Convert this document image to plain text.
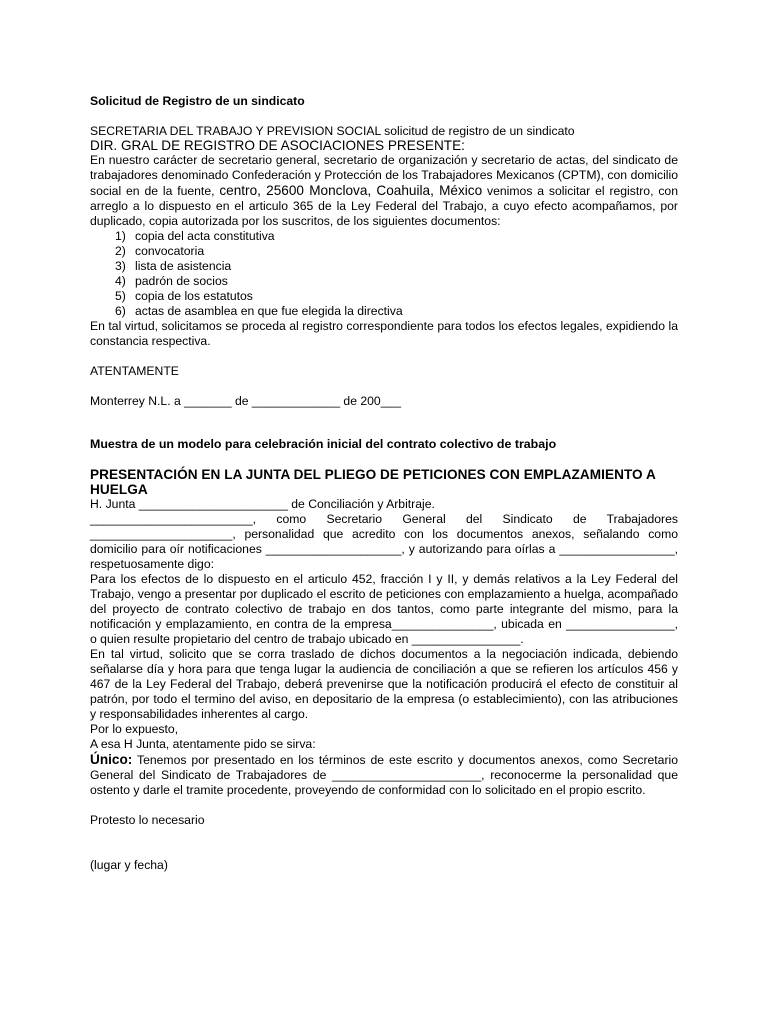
Solicitud de Registro de un sindicato

SECRETARIA DEL TRABAJO Y PREVISION SOCIAL solicitud de registro de un sindicato

DIR. GRAL DE REGISTRO DE ASOCIACIONES PRESENTE:

En nuestro carácter de secretario general, secretario de organización y secretario de actas, del sindicato de trabajadores denominado Confederación y Protección de los Trabajadores Mexicanos (CPTM), con domicilio social en de la fuente, centro, 25600 Monclova, Coahuila, México venimos a solicitar el registro, con arreglo a lo dispuesto en el articulo 365 de la Ley Federal del Trabajo, a cuyo efecto acompañamos, por duplicado, copia autorizada por los suscritos, de los siguientes documentos:

1) copia del acta constitutiva
2) convocatoria
3) lista de asistencia
4) padrón de socios
5) copia de los estatutos
6) actas de asamblea en que fue elegida la directiva

En tal virtud, solicitamos se proceda al registro correspondiente para todos los efectos legales, expidiendo la constancia respectiva.

ATENTAMENTE

Monterrey N.L. a _______ de _____________ de 200___

Muestra de un modelo para celebración inicial del contrato colectivo de trabajo

PRESENTACIÓN EN LA JUNTA DEL PLIEGO DE PETICIONES CON EMPLAZAMIENTO A HUELGA

H. Junta ______________________ de Conciliación y Arbitraje.

________________________, como Secretario General del Sindicato de Trabajadores _____________________, personalidad que acredito con los documentos anexos, señalando como domicilio para oír notificaciones ____________________, y autorizando para oírlas a _________________, respetuosamente digo:

Para los efectos de lo dispuesto en el articulo 452, fracción I y II, y demás relativos a la Ley Federal del Trabajo, vengo a presentar por duplicado el escrito de peticiones con emplazamiento a huelga, acompañado del proyecto de contrato colectivo de trabajo en dos tantos, como parte integrante del mismo, para la notificación y emplazamiento, en contra de la empresa_______________, ubicada en ________________, o quien resulte propietario del centro de trabajo ubicado en ________________.

En tal virtud, solicito que se corra traslado de dichos documentos a la negociación indicada, debiendo señalarse día y hora para que tenga lugar la audiencia de conciliación a que se refieren los artículos 456 y 467 de la Ley Federal del Trabajo, deberá prevenirse que la notificación producirá el efecto de constituir al patrón, por todo el termino del aviso, en depositario de la empresa (o establecimiento), con las atribuciones y responsabilidades inherentes al cargo.

Por lo expuesto,

A esa H Junta, atentamente pido se sirva:

Único: Tenemos por presentado en los términos de este escrito y documentos anexos, como Secretario General del Sindicato de Trabajadores de ______________________, reconocerme la personalidad que ostento y darle el tramite procedente, proveyendo de conformidad con lo solicitado en el propio escrito.

Protesto lo necesario

(lugar y fecha)
